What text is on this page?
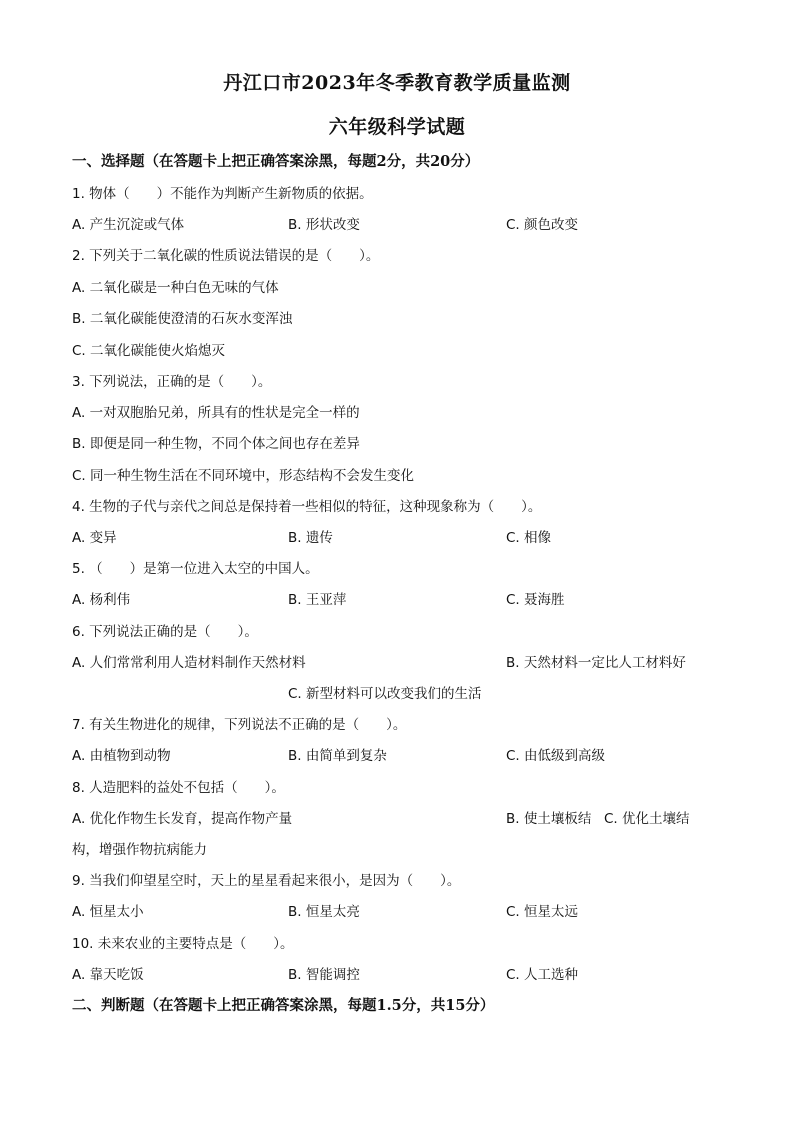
丹江口市2023年冬季教育教学质量监测
六年级科学试题
一、选择题（在答题卡上把正确答案涂黑，每题2分，共20分）
1. 物体（　　）不能作为判断产生新物质的依据。
A. 产生沉淀或气体	B. 形状改变	C. 颜色改变
2. 下列关于二氧化碳的性质说法错误的是（　　）。
A. 二氧化碳是一种白色无味的气体
B. 二氧化碳能使澄清的石灰水变浑浊
C. 二氧化碳能使火焰熄灭
3. 下列说法，正确的是（　　）。
A. 一对双胞胎兄弟，所具有的性状是完全一样的
B. 即便是同一种生物，不同个体之间也存在差异
C. 同一种生物生活在不同环境中，形态结构不会发生变化
4. 生物的子代与亲代之间总是保持着一些相似的特征，这种现象称为（　　）。
A. 变异	B. 遗传	C. 相像
5. （　　）是第一位进入太空的中国人。
A. 杨利伟	B. 王亚萍	C. 聂海胜
6. 下列说法正确的是（　　）。
A. 人们常常利用人造材料制作天然材料	B. 天然材料一定比人工材料好
C. 新型材料可以改变我们的生活
7. 有关生物进化的规律，下列说法不正确的是（　　）。
A. 由植物到动物	B. 由简单到复杂	C. 由低级到高级
8. 人造肥料的益处不包括（　　）。
A. 优化作物生长发育，提高作物产量	B. 使土壤板结 C. 优化土壤结
构，增强作物抗病能力
9. 当我们仰望星空时，天上的星星看起来很小，是因为（　　）。
A. 恒星太小	B. 恒星太亮	C. 恒星太远
10. 未来农业的主要特点是（　　）。
A. 靠天吃饭	B. 智能调控	C. 人工选种
二、判断题（在答题卡上把正确答案涂黑，每题1.5分，共15分）
